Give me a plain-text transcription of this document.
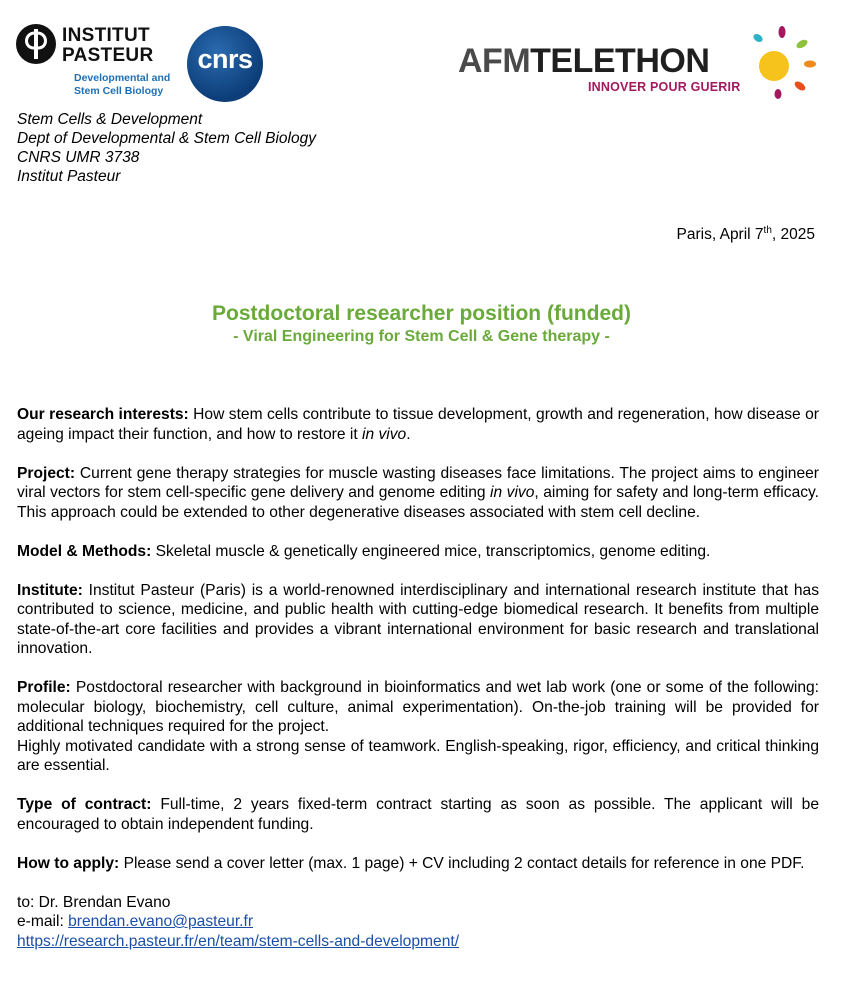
INSTITUT
PASTEUR
Developmental and
Stem Cell Biology
cnrs	AFMTELETHON
INNOVER POUR GUERIR
Stem Cells & Development
Dept of Developmental & Stem Cell Biology
CNRS UMR 3738
Institut Pasteur
Paris, April 7th, 2025
Postdoctoral researcher position (funded)
- Viral Engineering for Stem Cell & Gene therapy -

Our research interests: How stem cells contribute to tissue development, growth and regeneration, how disease or ageing impact their function, and how to restore it in vivo.

Project: Current gene therapy strategies for muscle wasting diseases face limitations. The project aims to engineer viral vectors for stem cell-specific gene delivery and genome editing in vivo, aiming for safety and long-term efficacy. This approach could be extended to other degenerative diseases associated with stem cell decline.

Model & Methods: Skeletal muscle & genetically engineered mice, transcriptomics, genome editing.

Institute: Institut Pasteur (Paris) is a world-renowned interdisciplinary and international research institute that has contributed to science, medicine, and public health with cutting-edge biomedical research. It benefits from multiple state-of-the-art core facilities and provides a vibrant international environment for basic research and translational innovation.

Profile: Postdoctoral researcher with background in bioinformatics and wet lab work (one or some of the following: molecular biology, biochemistry, cell culture, animal experimentation). On-the-job training will be provided for additional techniques required for the project.

Highly motivated candidate with a strong sense of teamwork. English-speaking, rigor, efficiency, and critical thinking are essential.

Type of contract: Full-time, 2 years fixed-term contract starting as soon as possible. The applicant will be encouraged to obtain independent funding.

How to apply: Please send a cover letter (max. 1 page) + CV including 2 contact details for reference in one PDF.

to: Dr. Brendan Evano
e-mail: brendan.evano@pasteur.fr
https://research.pasteur.fr/en/team/stem-cells-and-development/
